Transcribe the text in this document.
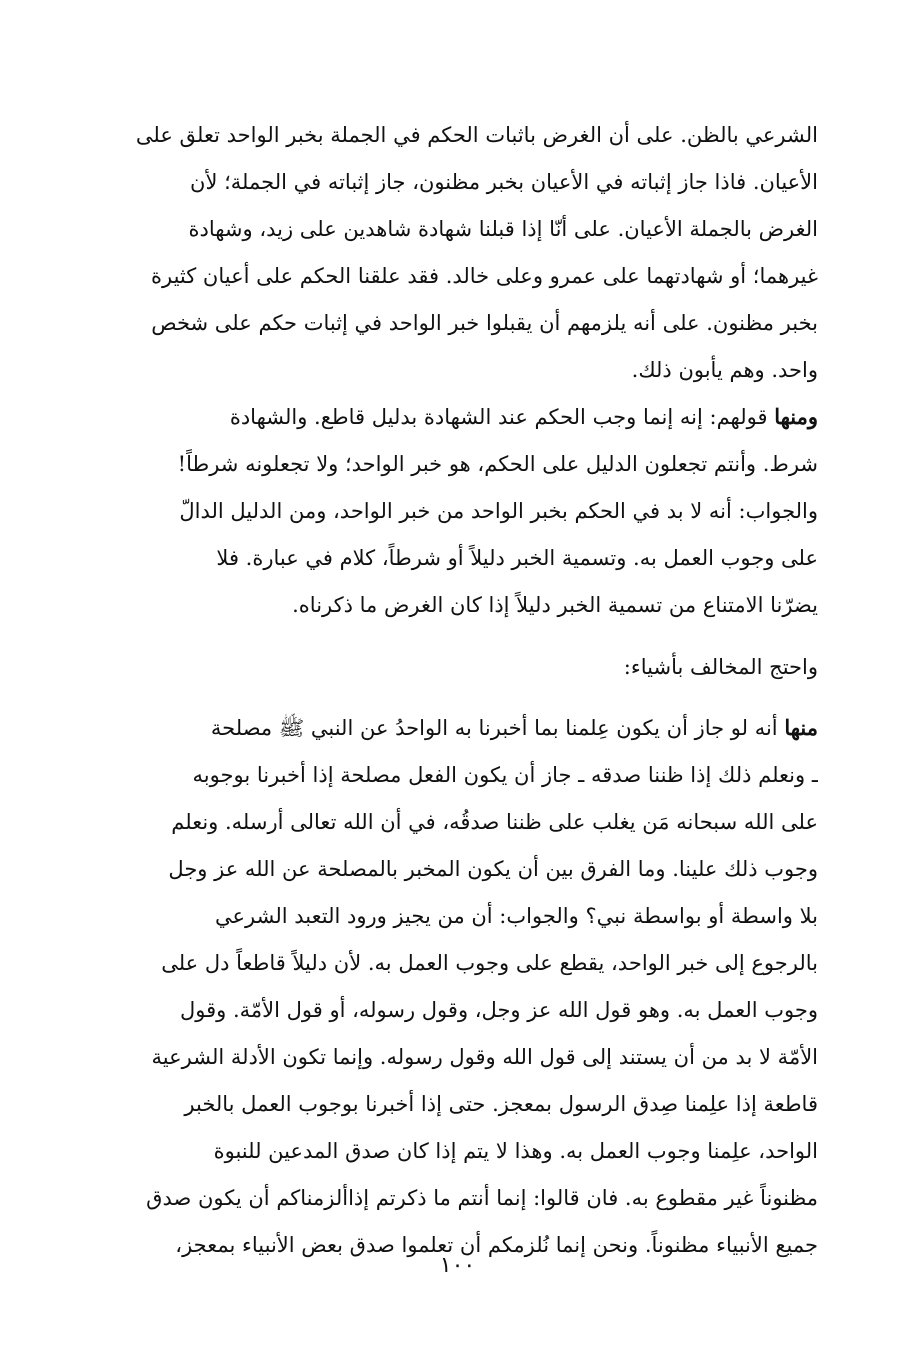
الشرعي بالظن. على أن الغرض باثبات الحكم في الجملة بخبر الواحد تعلق على
الأعيان. فاذا جاز إثباته في الأعيان بخبر مظنون، جاز إثباته في الجملة؛ لأن
الغرض بالجملة الأعيان. على أنّا إذا قبلنا شهادة شاهدين على زيد، وشهادة
غيرهما؛ أو شهادتهما على عمرو وعلى خالد. فقد علقنا الحكم على أعيان كثيرة
بخبر مظنون. على أنه يلزمهم أن يقبلوا خبر الواحد في إثبات حكم على شخص
واحد. وهم يأبون ذلك.
ومنها قولهم: إنه إنما وجب الحكم عند الشهادة بدليل قاطع. والشهادة
شرط. وأنتم تجعلون الدليل على الحكم، هو خبر الواحد؛ ولا تجعلونه شرطاً!
والجواب: أنه لا بد في الحكم بخبر الواحد من خبر الواحد، ومن الدليل الدالّ
على وجوب العمل به. وتسمية الخبر دليلاً أو شرطاً، كلام في عبارة. فلا
يضرّنا الامتناع من تسمية الخبر دليلاً إذا كان الغرض ما ذكرناه.
واحتج المخالف بأشياء:
منها أنه لو جاز أن يكون عِلمنا بما أخبرنا به الواحدُ عن النبي ﷺ مصلحة
ـ ونعلم ذلك إذا ظننا صدقه ـ جاز أن يكون الفعل مصلحة إذا أخبرنا بوجوبه
على الله سبحانه مَن يغلب على ظننا صدقُه، في أن الله تعالى أرسله. ونعلم
وجوب ذلك علينا. وما الفرق بين أن يكون المخبر بالمصلحة عن الله عز وجل
بلا واسطة أو بواسطة نبي؟ والجواب: أن من يجيز ورود التعبد الشرعي
بالرجوع إلى خبر الواحد، يقطع على وجوب العمل به. لأن دليلاً قاطعاً دل على
وجوب العمل به. وهو قول الله عز وجل، وقول رسوله، أو قول الأمّة. وقول
الأمّة لا بد من أن يستند إلى قول الله وقول رسوله. وإنما تكون الأدلة الشرعية
قاطعة إذا علِمنا صِدق الرسول بمعجز. حتى إذا أخبرنا بوجوب العمل بالخبر
الواحد، علِمنا وجوب العمل به. وهذا لا يتم إذا كان صدق المدعين للنبوة
مظنوناً غير مقطوع به. فان قالوا: إنما أنتم ما ذكرتم إذاألزمناكم أن يكون صدق
جميع الأنبياء مظنوناً. ونحن إنما نُلزمكم أن تعلموا صدق بعض الأنبياء بمعجز،
١٠٠
